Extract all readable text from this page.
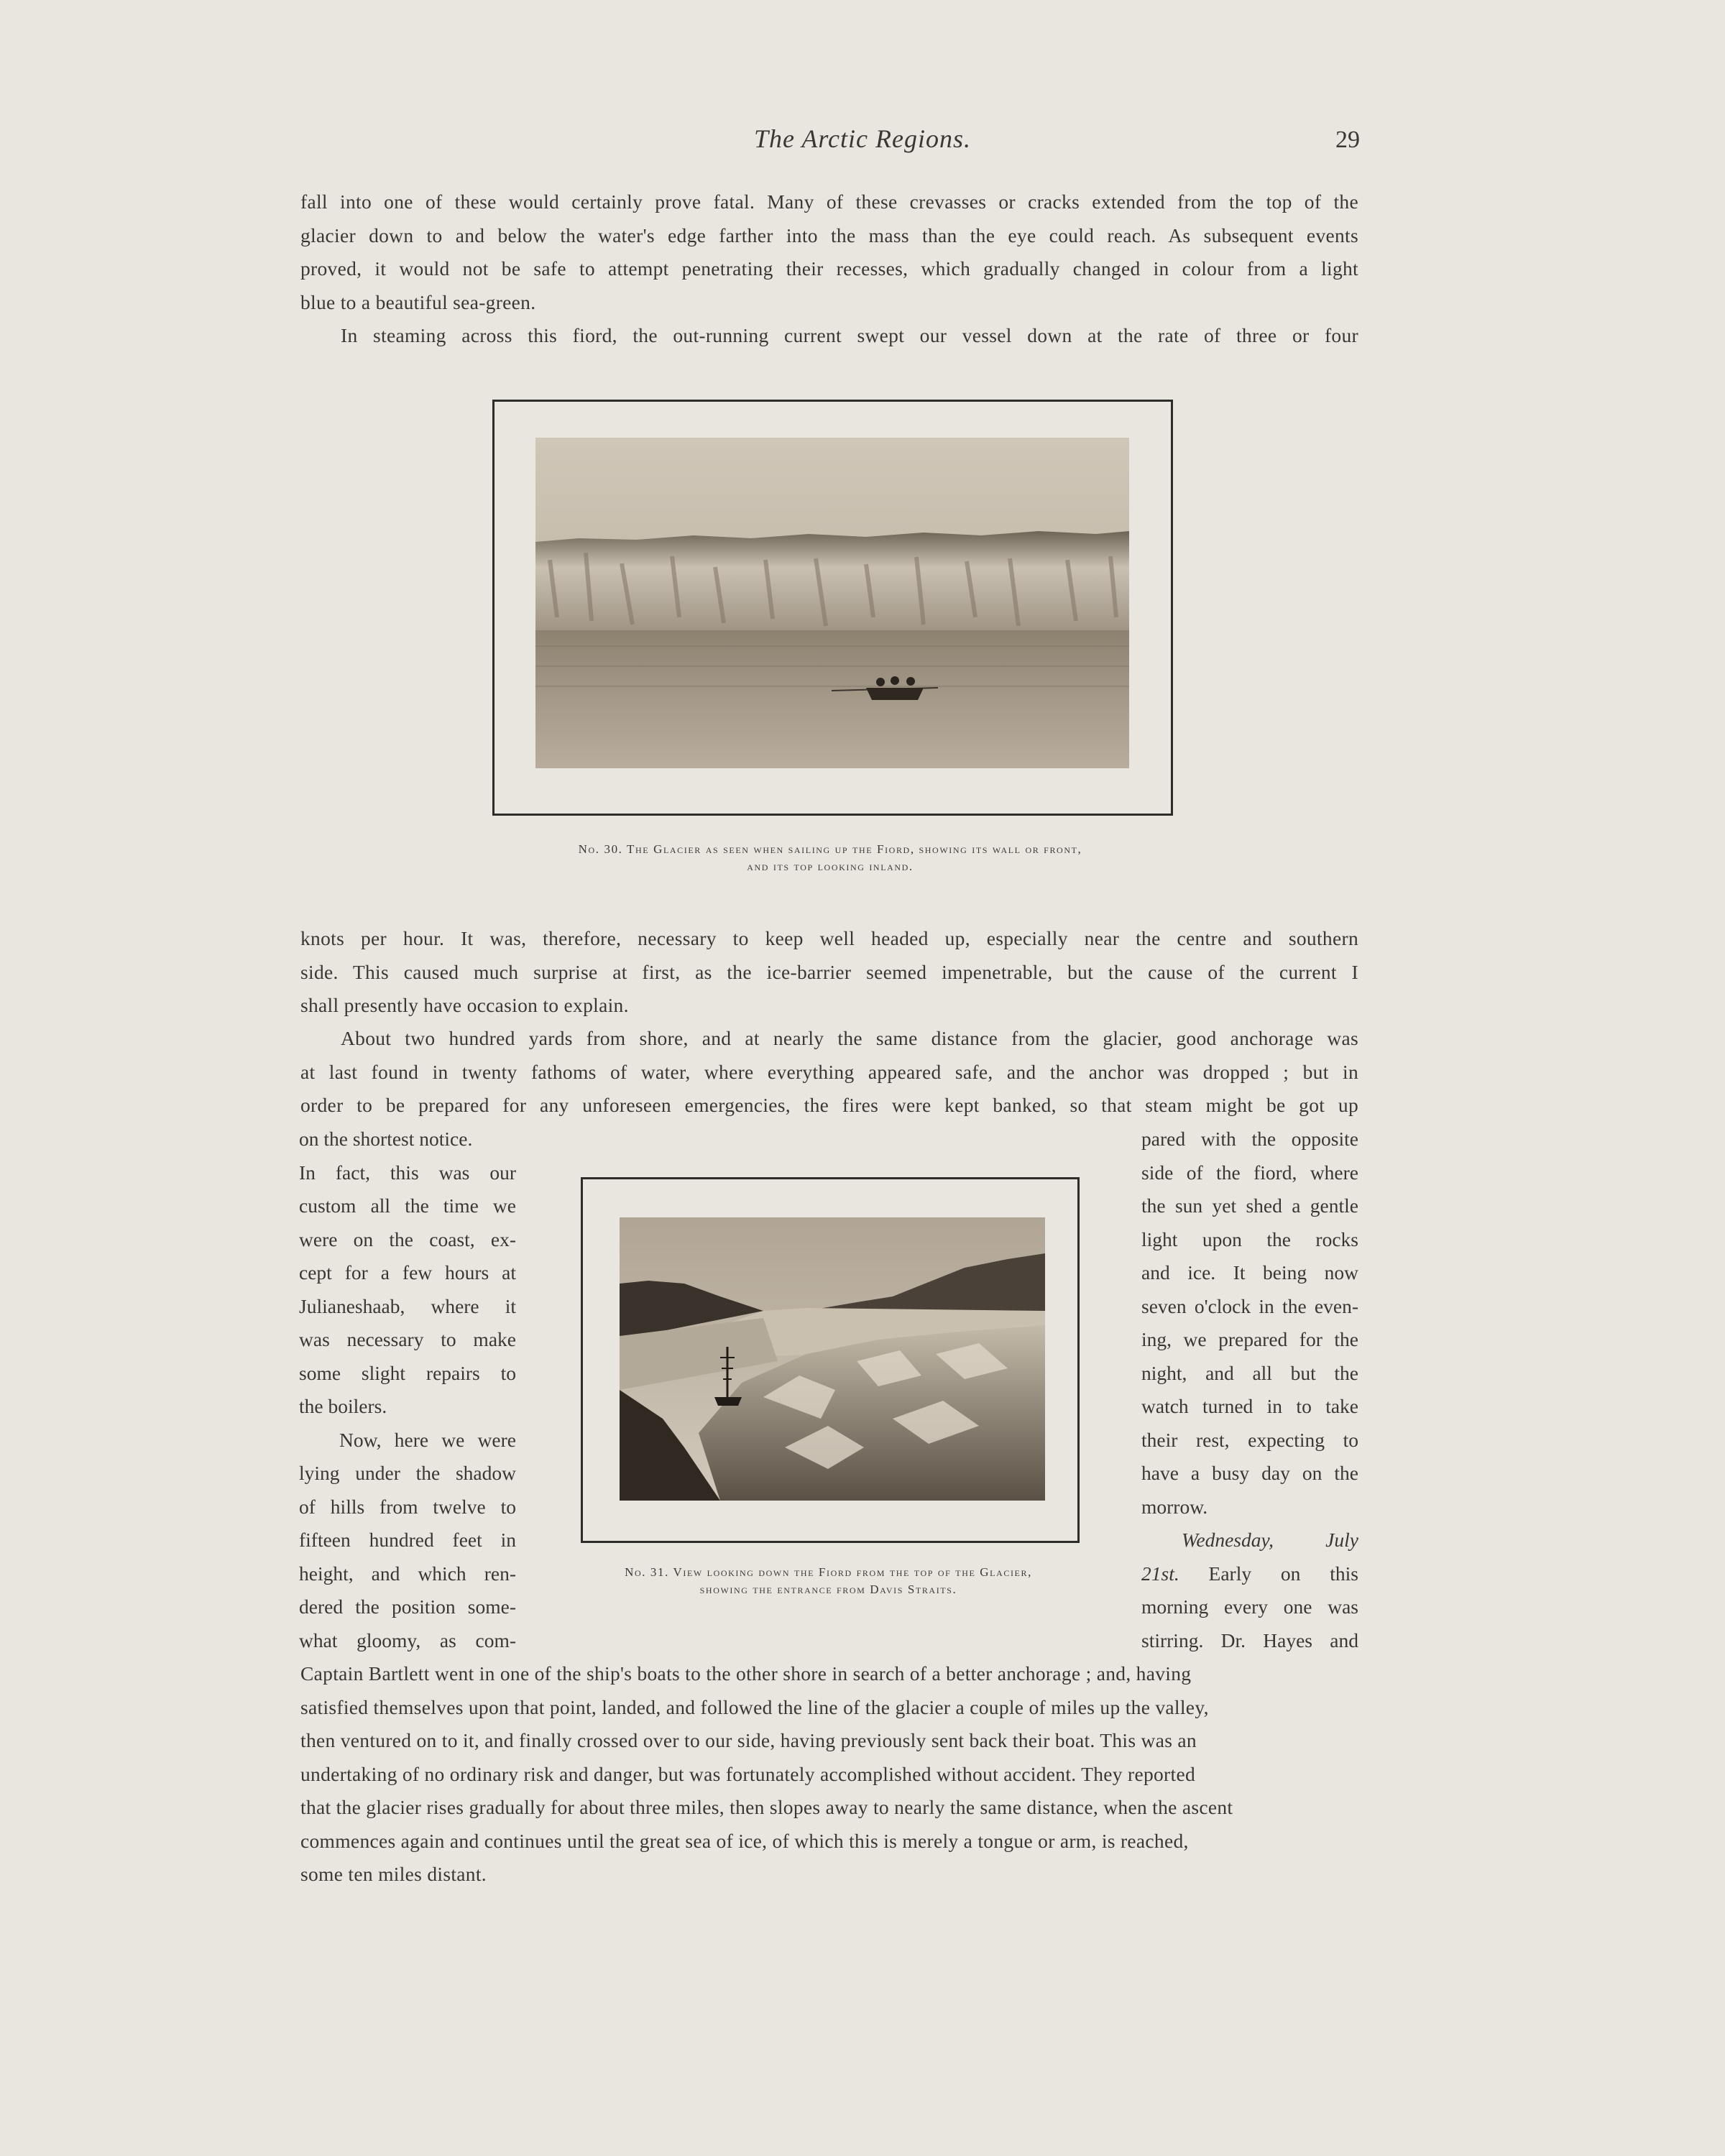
The Arctic Regions.	29
fall into one of these would certainly prove fatal. Many of these crevasses or cracks extended from the top of the
glacier down to and below the water's edge farther into the mass than the eye could reach. As subsequent events
proved, it would not be safe to attempt penetrating their recesses, which gradually changed in colour from a light
blue to a beautiful sea-green.
In steaming across this fiord, the out-running current swept our vessel down at the rate of three or four
No. 30. The Glacier as seen when sailing up the Fiord, showing its wall or front,
and its top looking inland.
knots per hour. It was, therefore, necessary to keep well headed up, especially near the centre and southern
side. This caused much surprise at first, as the ice-barrier seemed impenetrable, but the cause of the current I
shall presently have occasion to explain.
About two hundred yards from shore, and at nearly the same distance from the glacier, good anchorage was
at last found in twenty fathoms of water, where everything appeared safe, and the anchor was dropped ; but in
order to be prepared for any unforeseen emergencies, the fires were kept banked, so that steam might be got up
on the shortest notice.
In fact, this was our
custom all the time we
were on the coast, ex-
cept for a few hours at
Julianeshaab, where it
was necessary to make
some slight repairs to
the boilers.
Now, here we were
lying under the shadow
of hills from twelve to
fifteen hundred feet in
height, and which ren-
dered the position some-
what gloomy, as com-
No. 31. View looking down the Fiord from the top of the Glacier,
showing the entrance from Davis Straits.
pared with the opposite
side of the fiord, where
the sun yet shed a gentle
light upon the rocks
and ice. It being now
seven o'clock in the even-
ing, we prepared for the
night, and all but the
watch turned in to take
their rest, expecting to
have a busy day on the
morrow.
Wednesday, July
21st. Early on this
morning every one was
stirring. Dr. Hayes and
Captain Bartlett went in one of the ship's boats to the other shore in search of a better anchorage ; and, having
satisfied themselves upon that point, landed, and followed the line of the glacier a couple of miles up the valley,
then ventured on to it, and finally crossed over to our side, having previously sent back their boat. This was an
undertaking of no ordinary risk and danger, but was fortunately accomplished without accident. They reported
that the glacier rises gradually for about three miles, then slopes away to nearly the same distance, when the ascent
commences again and continues until the great sea of ice, of which this is merely a tongue or arm, is reached,
some ten miles distant.
